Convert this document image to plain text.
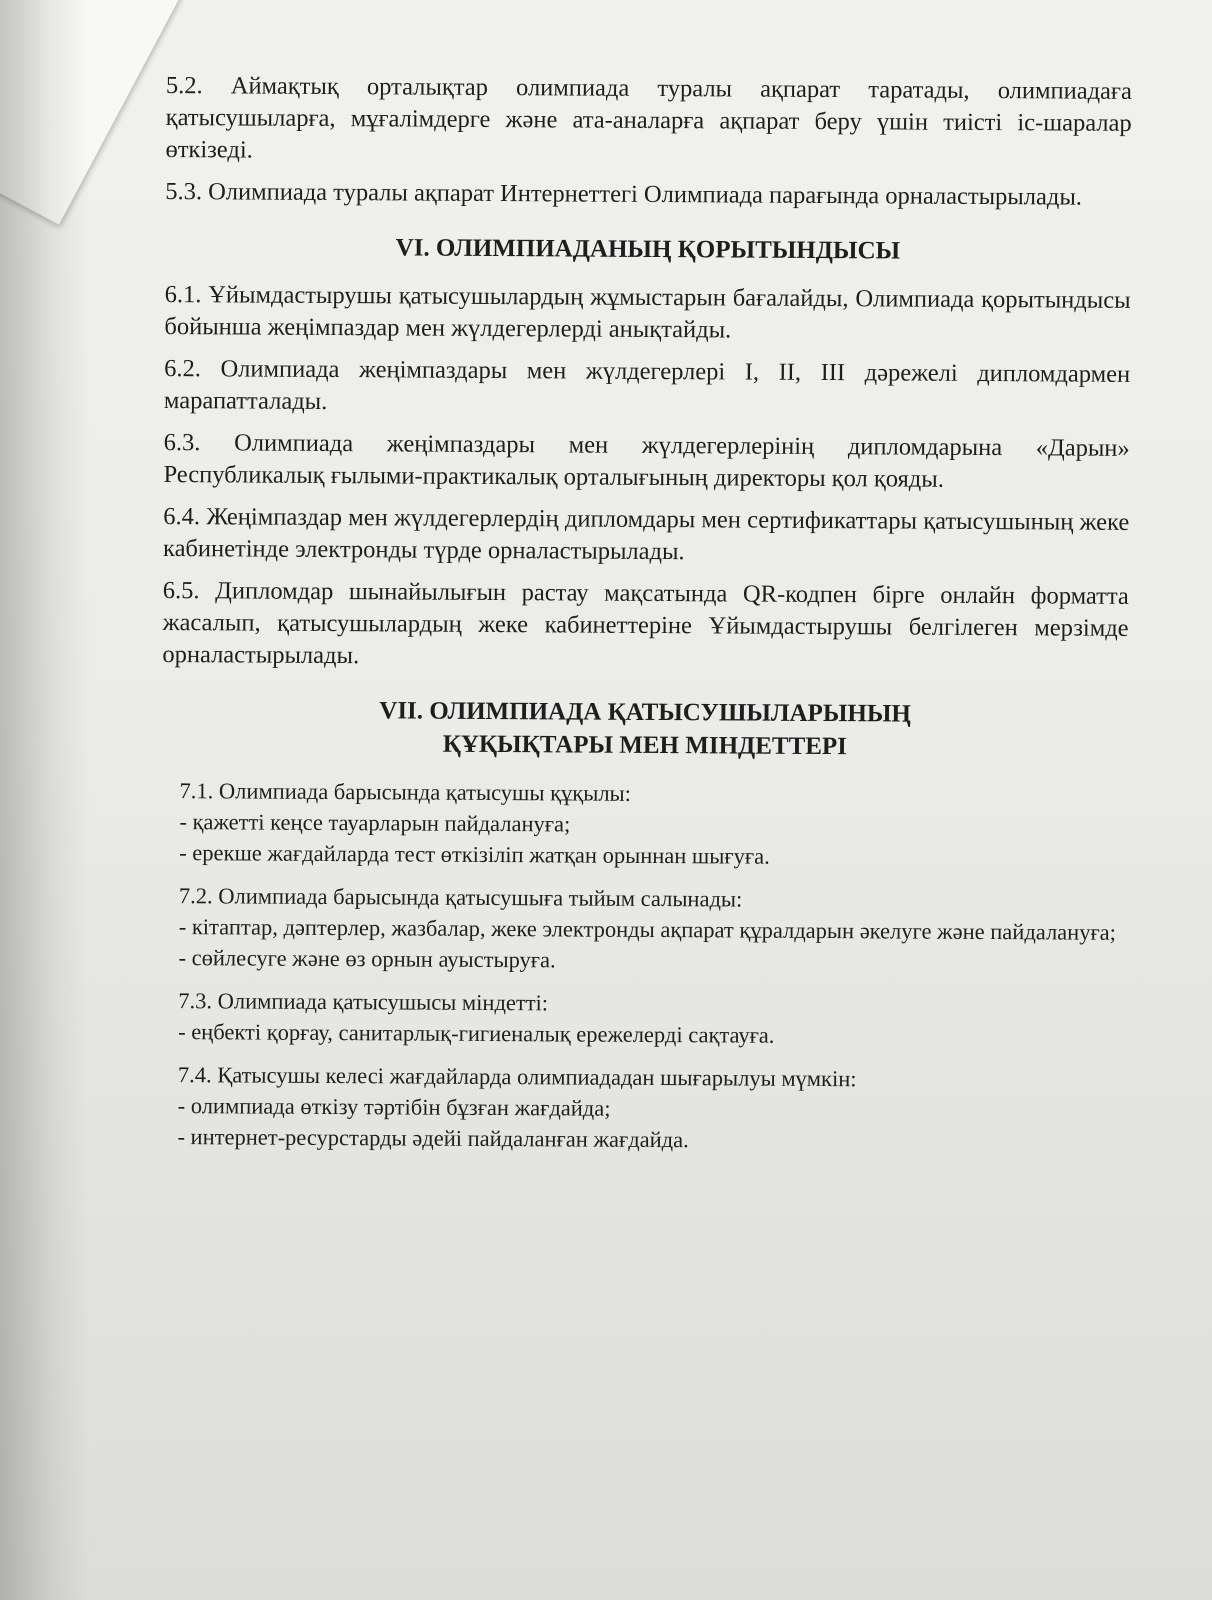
5.2. Аймақтық орталықтар олимпиада туралы ақпарат таратады, олимпиадаға қатысушыларға, мұғалімдерге және ата-аналарға ақпарат беру үшін тиісті іс-шаралар өткізеді.

5.3. Олимпиада туралы ақпарат Интернеттегі Олимпиада парағында орналастырылады.

VI. ОЛИМПИАДАНЫҢ ҚОРЫТЫНДЫСЫ

6.1. Ұйымдастырушы қатысушылардың жұмыстарын бағалайды, Олимпиада қорытындысы бойынша жеңімпаздар мен жүлдегерлерді анықтайды.

6.2. Олимпиада жеңімпаздары мен жүлдегерлері I, II, III дәрежелі дипломдармен марапатталады.

6.3. Олимпиада жеңімпаздары мен жүлдегерлерінің дипломдарына «Дарын» Республикалық ғылыми-практикалық орталығының директоры қол қояды.

6.4. Жеңімпаздар мен жүлдегерлердің дипломдары мен сертификаттары қатысушының жеке кабинетінде электронды түрде орналастырылады.

6.5. Дипломдар шынайылығын растау мақсатында QR-кодпен бірге онлайн форматта жасалып, қатысушылардың жеке кабинеттеріне Ұйымдастырушы белгілеген мерзімде орналастырылады.

VII. ОЛИМПИАДА ҚАТЫСУШЫЛАРЫНЫҢ
ҚҰҚЫҚТАРЫ МЕН МІНДЕТТЕРІ

7.1. Олимпиада барысында қатысушы құқылы:
- қажетті кеңсе тауарларын пайдалануға;
- ерекше жағдайларда тест өткізіліп жатқан орыннан шығуға.

7.2. Олимпиада барысында қатысушыға тыйым салынады:
- кітаптар, дәптерлер, жазбалар, жеке электронды ақпарат құралдарын әкелуге және пайдалануға;
- сөйлесуге және өз орнын ауыстыруға.

7.3. Олимпиада қатысушысы міндетті:
- еңбекті қорғау, санитарлық-гигиеналық ережелерді сақтауға.

7.4. Қатысушы келесі жағдайларда олимпиададан шығарылуы мүмкін:
- олимпиада өткізу тәртібін бұзған жағдайда;
- интернет-ресурстарды әдейі пайдаланған жағдайда.
